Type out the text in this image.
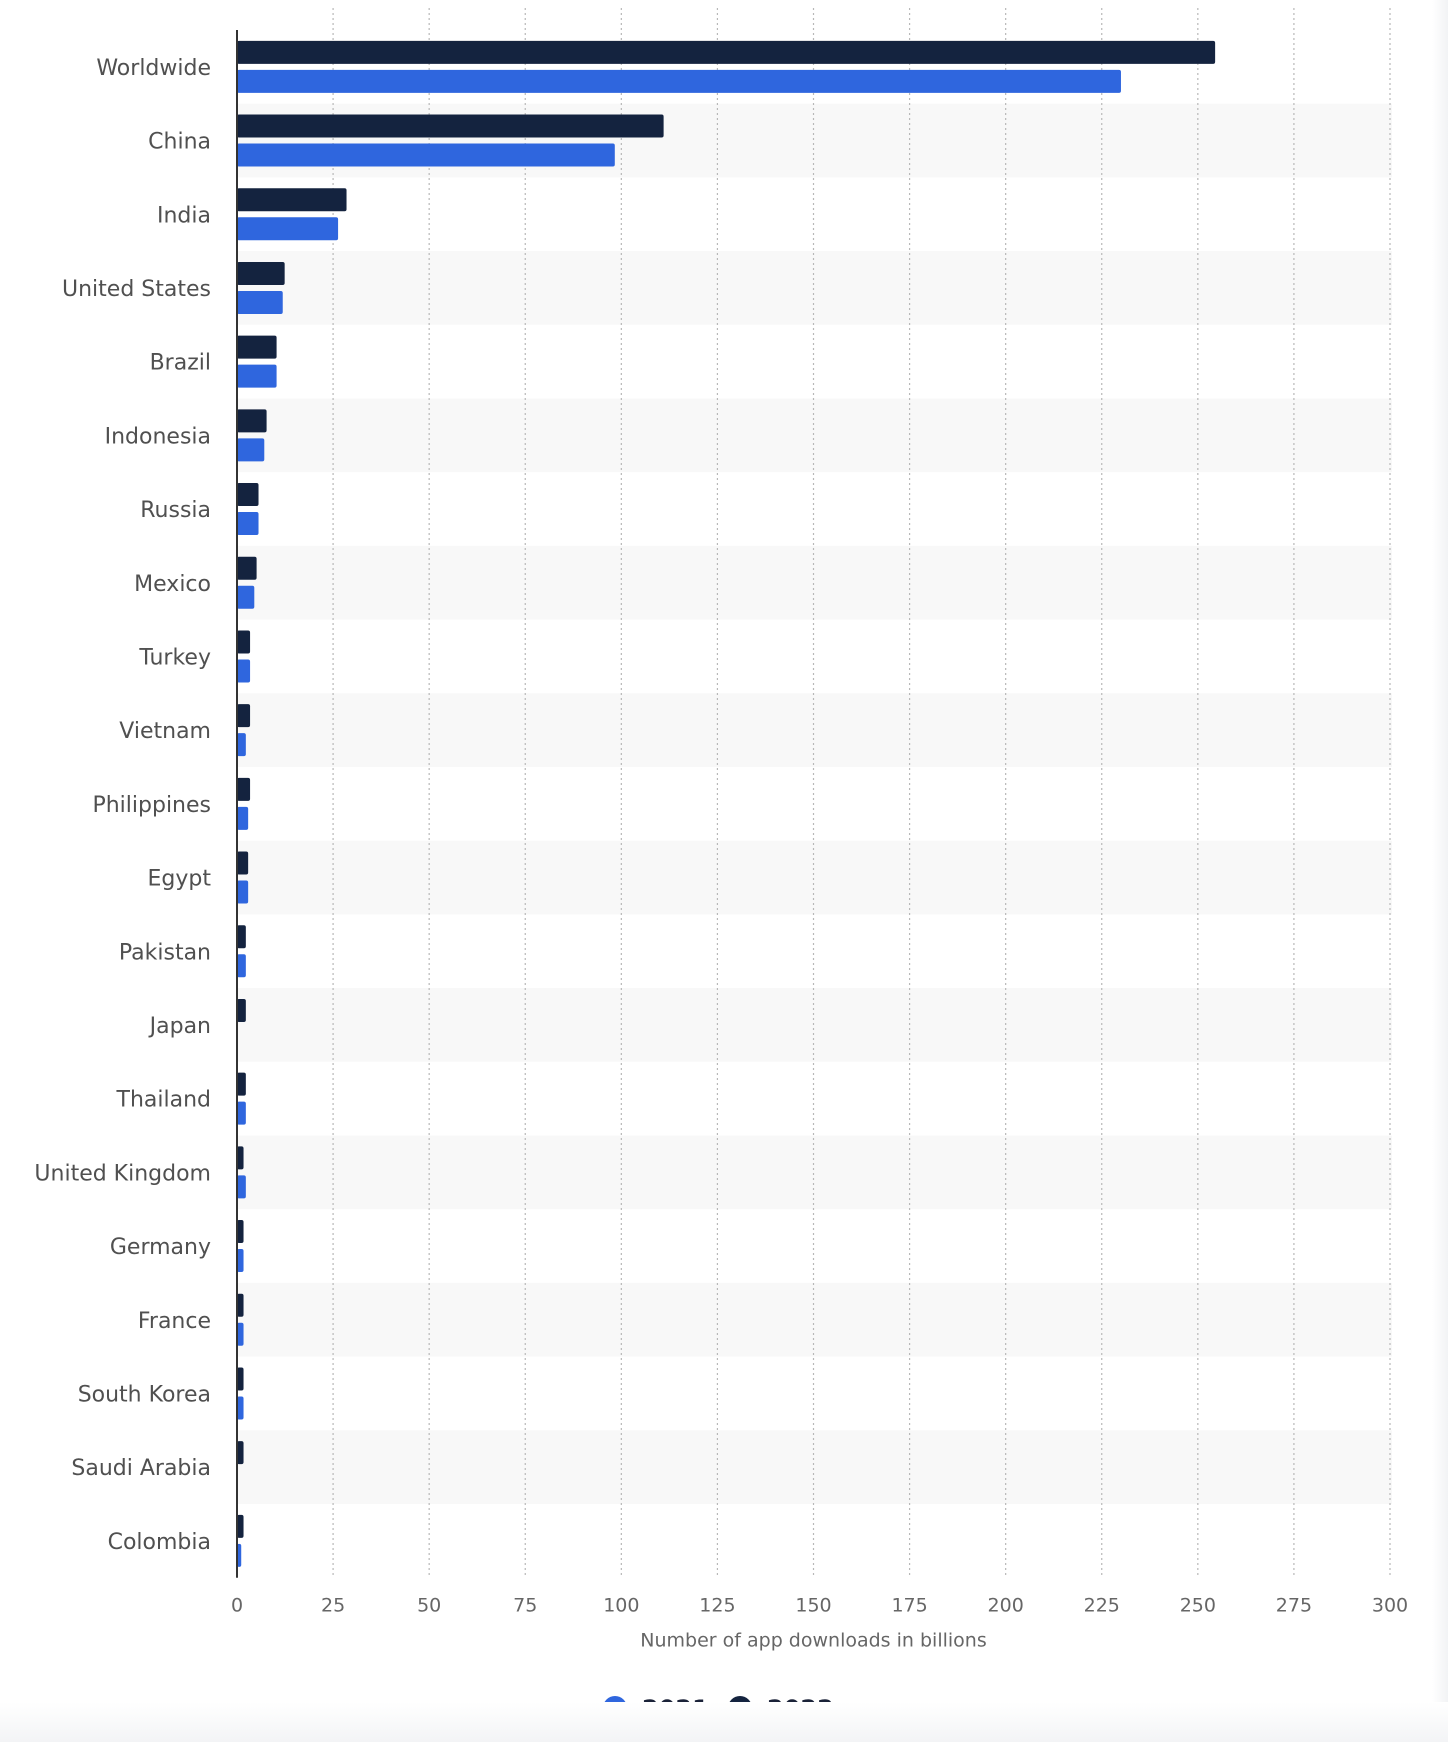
Worldwide
China
India
United States
Brazil
Indonesia
Russia
Mexico
Turkey
Vietnam
Philippines
Egypt
Pakistan
Japan
Thailand
United Kingdom
Germany
France
South Korea
Saudi Arabia
Colombia
0	25	50	75	100	125	150	175	200	225	250	275	300
Number of app downloads in billions
